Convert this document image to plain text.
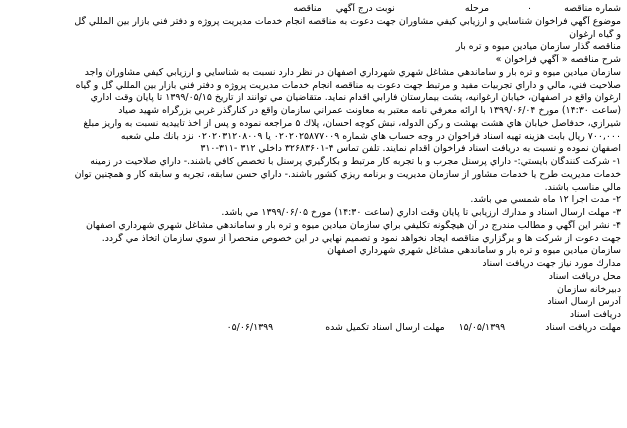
شماره مناقصه
۰
مرحله
نوبت درج آگهي
مناقصه
موضوع آگهي فراخوان شناسايي و ارزيابي كيفي مشاوران جهت دعوت به مناقصه انجام خدمات مديريت پروژه و دفتر فني بازار بين المللي گل
و گياه ارغوان
مناقصه گذار سازمان ميادين ميوه و تره بار
شرح مناقصه « آگهي فراخوان »
سازمان ميادين ميوه و تره بار و ساماندهي مشاغل شهري شهرداري اصفهان در نظر دارد نسبت به شناسايي و ارزيابي كيفي مشاوران واجد
صلاحيت فني، مالي و داراي تجربيات مفيد و مرتبط جهت دعوت به مناقصه انجام خدمات مديريت پروژه و دفتر فني بازار بين المللي گل و گياه
ارغوان واقع در اصفهان، خيابان ارغوانيه، پشت بيمارستان فارابي اقدام نمايد. متقاضيان مي توانند از تاريخ ۱۳۹۹/۰۵/۱۵ تا پايان وقت اداري
(ساعت ۱۴:۳۰) مورخ ۱۳۹۹/۰۶/۰۴ با ارائه معرفي نامه معتبر به معاونت عمراني سازمان واقع در كنارگذر غربي بزرگراه شهيد صياد
شيرازي، حدفاصل خيابان هاي هشت بهشت و ركن الدوله، نبش كوچه احسان، پلاك ۵ مراجعه نموده و پس از اخذ تاييديه نسبت به واريز مبلغ
۷۰۰,۰۰۰ ريال بابت هزينه تهيه اسناد فراخوان در وجه حساب هاي شماره ۰۲۰۲۰۲۵۸۷۷۰۰۹ يا ۰۲۰۲۰۳۱۲۰۸۰۰۹ نزد بانك ملي شعبه
اصفهان نموده و نسبت به دريافت اسناد فراخوان اقدام نمايند. تلفن تماس ۴-۳۲۶۸۳۶۰۱ داخلي ۳۱۲ -۳۱۱-۳۱۰
۱- شركت كنندگان بايستي:- داراي پرسنل مجرب و با تجربه كار مرتبط و بكارگيري پرسنل با تخصص كافي باشند.- داراي صلاحيت در زمينه
خدمات مديريت طرح يا خدمات مشاور از سازمان مديريت و برنامه ريزي كشور باشند.- داراي حسن سابقه، تجربه و سابقه كار و همچنين توان
مالي مناسب باشند.
۲- مدت اجرا ۱۲ ماه شمسي مي باشد.
۳- مهلت ارسال اسناد و مدارك ارزيابي تا پايان وقت اداري (ساعت ۱۴:۳۰) مورخ ۱۳۹۹/۰۶/۰۵ مي باشد.
۴- نشر اين آگهي و مطالب مندرج در آن هيچگونه تكليفي براي سازمان ميادين ميوه و تره بار و ساماندهي مشاغل شهري شهرداري اصفهان
جهت دعوت از شركت ها و برگزاري مناقصه ايجاد نخواهد نمود و تصميم نهايي در اين خصوص منحصراً از سوي سازمان اتخاذ مي گردد.
سازمان ميادين ميوه و تره بار و ساماندهي مشاغل شهري شهرداري اصفهان
مدارك مورد نياز جهت دريافت اسناد
محل دريافت اسناد
دبيرخانه سازمان
آدرس ارسال اسناد
دريافت اسناد
مهلت دريافت اسناد
۱۵/۰۵/۱۳۹۹
مهلت ارسال اسناد تكميل شده
۰۵/۰۶/۱۳۹۹
